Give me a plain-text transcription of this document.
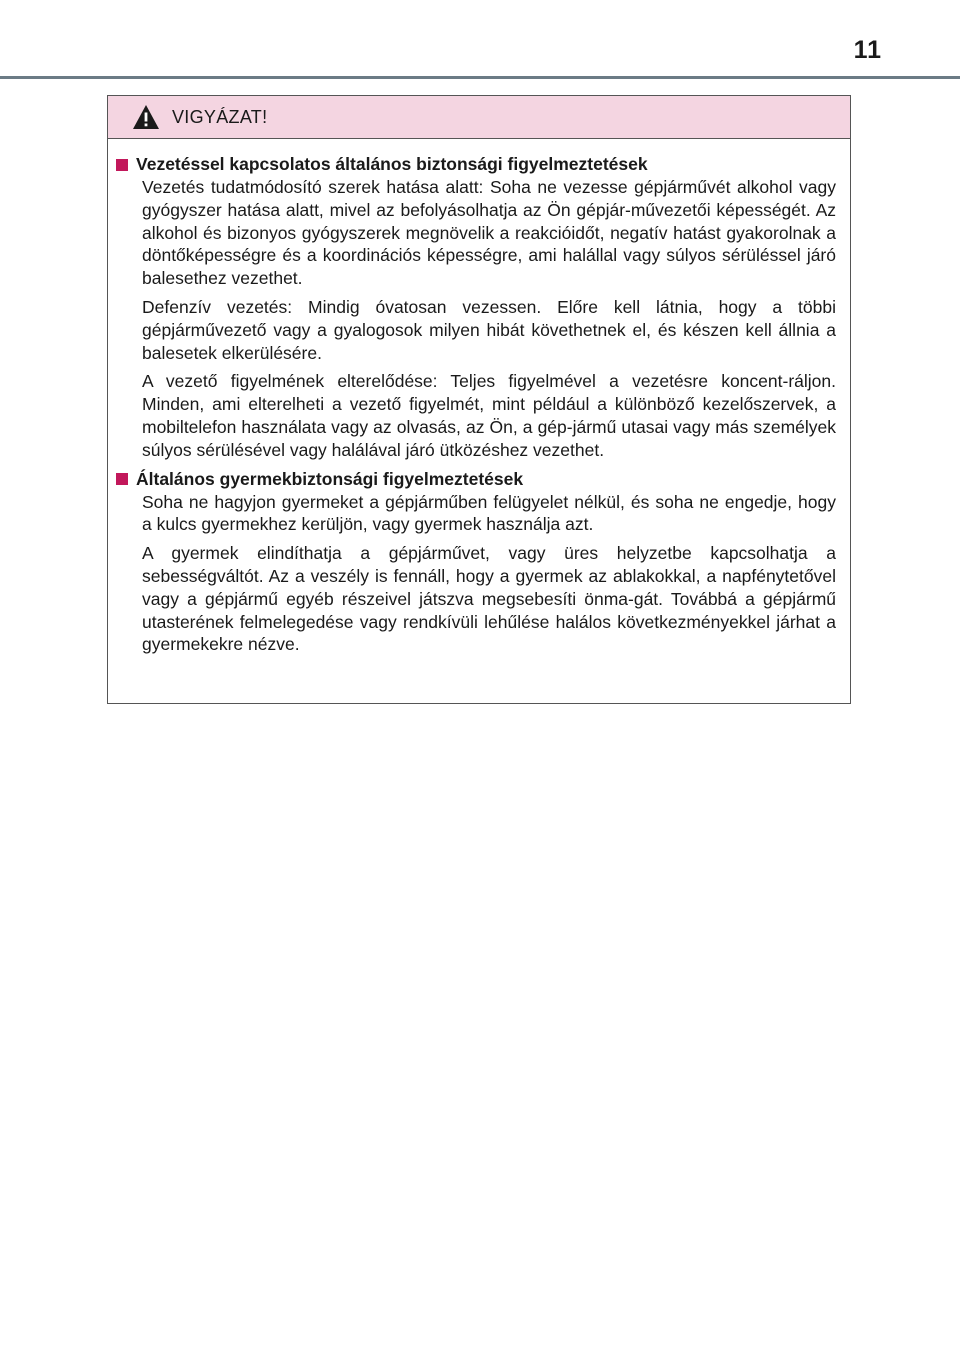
11
VIGYÁZAT!
Vezetéssel kapcsolatos általános biztonsági figyelmeztetések

Vezetés tudatmódosító szerek hatása alatt: Soha ne vezesse gépjárművét alkohol vagy gyógyszer hatása alatt, mivel az befolyásolhatja az Ön gépjár-művezetői képességét. Az alkohol és bizonyos gyógyszerek megnövelik a reakcióidőt, negatív hatást gyakorolnak a döntőképességre és a koordinációs képességre, ami halállal vagy súlyos sérüléssel járó balesethez vezethet.

Defenzív vezetés: Mindig óvatosan vezessen. Előre kell látnia, hogy a többi gépjárművezető vagy a gyalogosok milyen hibát követhetnek el, és készen kell állnia a balesetek elkerülésére.

A vezető figyelmének elterelődése: Teljes figyelmével a vezetésre koncent-ráljon. Minden, ami elterelheti a vezető figyelmét, mint például a különböző kezelőszervek, a mobiltelefon használata vagy az olvasás, az Ön, a gép-jármű utasai vagy más személyek súlyos sérülésével vagy halálával járó ütközéshez vezethet.

Általános gyermekbiztonsági figyelmeztetések

Soha ne hagyjon gyermeket a gépjárműben felügyelet nélkül, és soha ne engedje, hogy a kulcs gyermekhez kerüljön, vagy gyermek használja azt.

A gyermek elindíthatja a gépjárművet, vagy üres helyzetbe kapcsolhatja a sebességváltót. Az a veszély is fennáll, hogy a gyermek az ablakokkal, a napfénytetővel vagy a gépjármű egyéb részeivel játszva megsebesíti önma-gát. Továbbá a gépjármű utasterének felmelegedése vagy rendkívüli lehűlése halálos következményekkel járhat a gyermekekre nézve.
